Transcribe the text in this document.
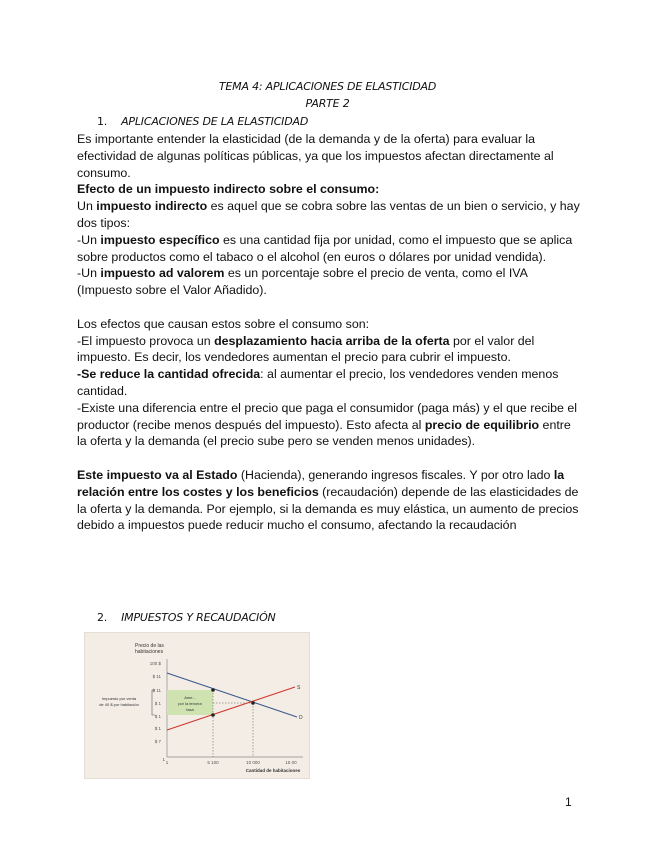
TEMA 4: APLICACIONES DE ELASTICIDAD
PARTE 2
1. APLICACIONES DE LA ELASTICIDAD

Es importante entender la elasticidad (de la demanda y de la oferta) para evaluar la efectividad de algunas políticas públicas, ya que los impuestos afectan directamente al consumo.

Efecto de un impuesto indirecto sobre el consumo:

Un impuesto indirecto es aquel que se cobra sobre las ventas de un bien o servicio, y hay dos tipos:

-Un impuesto específico es una cantidad fija por unidad, como el impuesto que se aplica sobre productos como el tabaco o el alcohol (en euros o dólares por unidad vendida).

-Un impuesto ad valorem es un porcentaje sobre el precio de venta, como el IVA (Impuesto sobre el Valor Añadido).

Los efectos que causan estos sobre el consumo son:

-El impuesto provoca un desplazamiento hacia arriba de la oferta por el valor del impuesto. Es decir, los vendedores aumentan el precio para cubrir el impuesto.

-Se reduce la cantidad ofrecida: al aumentar el precio, los vendedores venden menos cantidad.

-Existe una diferencia entre el precio que paga el consumidor (paga más) y el que recibe el productor (recibe menos después del impuesto). Esto afecta al precio de equilibrio entre la oferta y la demanda (el precio sube pero se venden menos unidades).

Este impuesto va al Estado (Hacienda), generando ingresos fiscales. Y por otro lado la relación entre los costes y los beneficios (recaudación) depende de las elasticidades de la oferta y la demanda. Por ejemplo, si la demanda es muy elástica, un aumento de precios debido a impuestos puede reducir mucho el consumo, afectando la recaudación

2. IMPUESTOS Y RECAUDACIÓN
Precio de las
habitaciones
100 $
$ 11
$ 11
$ 1
$ 1
$ 1
$ 7
1
Ame...
por la tercera
tasa
Impuesto por venta
de 40 $ por habitación
D
S
1	5 100	10 000	15 00
Cantidad de habitaciones
1
